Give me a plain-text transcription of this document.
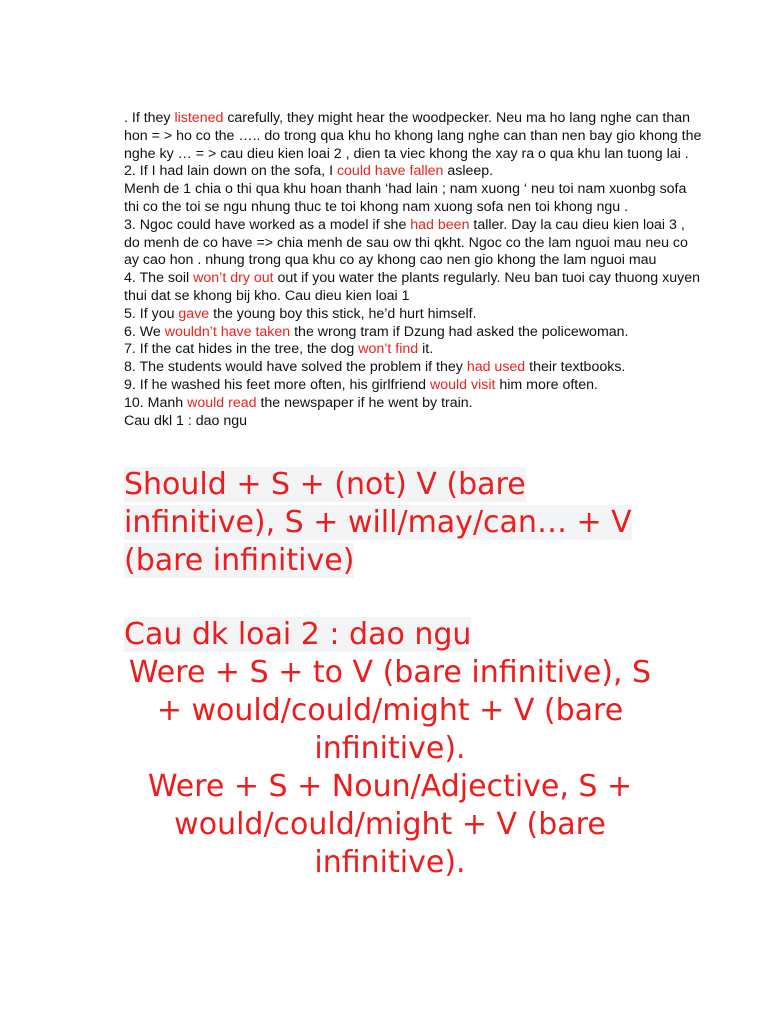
. If they listened carefully, they might hear the woodpecker. Neu ma ho lang nghe can than hon = > ho co the ….. do trong qua khu ho khong lang nghe can than nen bay gio khong the nghe ky … = > cau dieu kien loai 2 , dien ta viec khong the xay ra o qua khu lan tuong lai .

2. If I had lain down on the sofa, I could have fallen asleep.

Menh de 1 chia o thi qua khu hoan thanh ‘had lain ; nam xuong ‘ neu toi nam xuonbg sofa thi co the toi se ngu nhung thuc te toi khong nam xuong sofa nen toi khong ngu .

3. Ngoc could have worked as a model if she had been taller. Day la cau dieu kien loai 3 , do menh de co have => chia menh de sau ow thi qkht. Ngoc co the lam nguoi mau neu co ay cao hon . nhung trong qua khu co ay khong cao nen gio khong the lam nguoi mau

4. The soil won’t dry out out if you water the plants regularly. Neu ban tuoi cay thuong xuyen thui dat se khong bij kho. Cau dieu kien loai 1

5. If you gave the young boy this stick, he’d hurt himself.

6. We wouldn’t have taken the wrong tram if Dzung had asked the policewoman.

7. If the cat hides in the tree, the dog won’t find it.

8. The students would have solved the problem if they had used their textbooks.

9. If he washed his feet more often, his girlfriend would visit him more often.

10. Manh would read the newspaper if he went by train.

Cau dkl 1 : dao ngu

Should + S + (not) V (bare
infinitive), S + will/may/can… + V
(bare infinitive)
Cau dk loai 2 : dao ngu

Were + S + to V (bare infinitive), S

+ would/could/might + V (bare

infinitive).

Were + S + Noun/Adjective, S +

would/could/might + V (bare

infinitive).
